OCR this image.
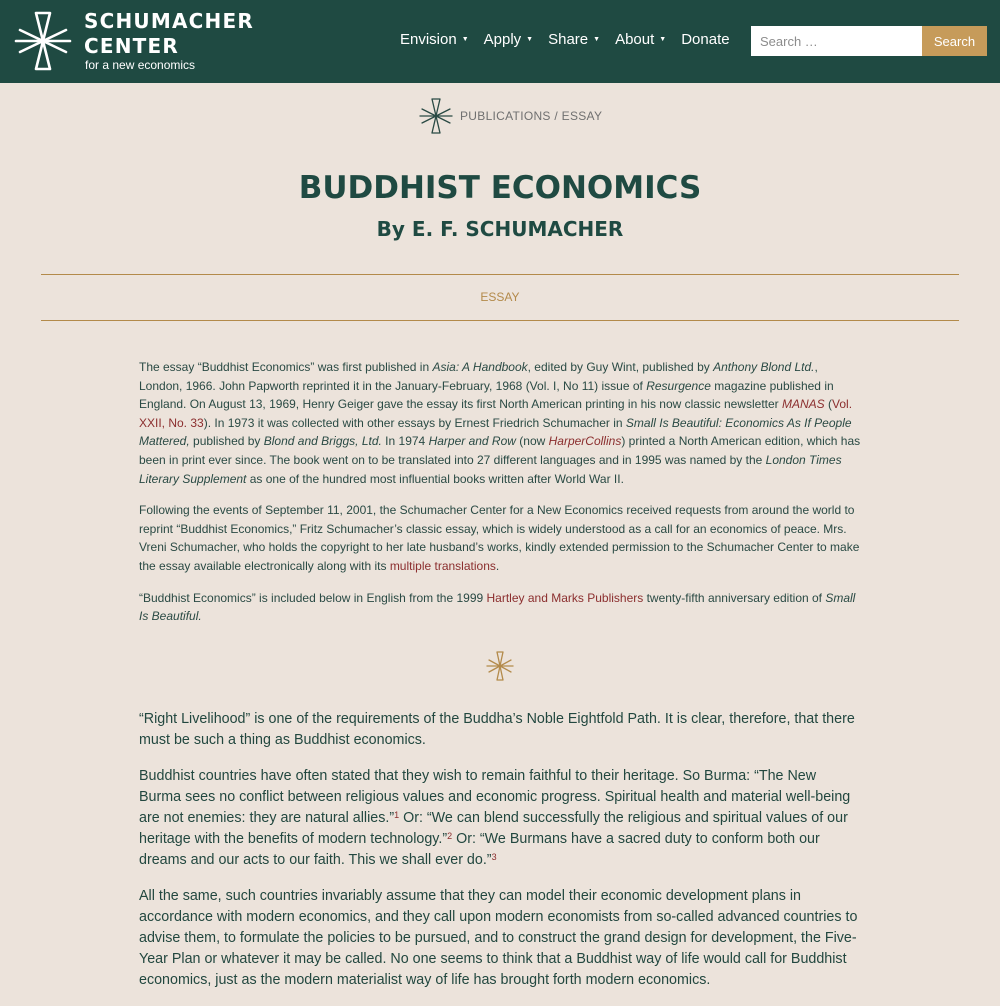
SCHUMACHER
CENTER
for a new economics
Envision ▼ Apply ▼ Share ▼ About ▼ Donate
Search …	Search
PUBLICATIONS / ESSAY
BUDDHIST ECONOMICS
By E. F. SCHUMACHER
ESSAY

The essay “Buddhist Economics” was first published in Asia: A Handbook, edited by Guy Wint, published by Anthony Blond Ltd., London, 1966. John Papworth reprinted it in the January-February, 1968 (Vol. I, No 11) issue of Resurgence magazine published in England. On August 13, 1969, Henry Geiger gave the essay its first North American printing in his now classic newsletter MANAS (Vol. XXII, No. 33). In 1973 it was collected with other essays by Ernest Friedrich Schumacher in Small Is Beautiful: Economics As If People Mattered, published by Blond and Briggs, Ltd. In 1974 Harper and Row (now HarperCollins) printed a North American edition, which has been in print ever since. The book went on to be translated into 27 different languages and in 1995 was named by the London Times Literary Supplement as one of the hundred most influential books written after World War II.

Following the events of September 11, 2001, the Schumacher Center for a New Economics received requests from around the world to reprint “Buddhist Economics,” Fritz Schumacher’s classic essay, which is widely understood as a call for an economics of peace. Mrs. Vreni Schumacher, who holds the copyright to her late husband’s works, kindly extended permission to the Schumacher Center to make the essay available electronically along with its multiple translations.

“Buddhist Economics” is included below in English from the 1999 Hartley and Marks Publishers twenty-fifth anniversary edition of Small Is Beautiful.

“Right Livelihood” is one of the requirements of the Buddha’s Noble Eightfold Path. It is clear, therefore, that there must be such a thing as Buddhist economics.

Buddhist countries have often stated that they wish to remain faithful to their heritage. So Burma: “The New Burma sees no conflict between religious values and economic progress. Spiritual health and material well-being are not enemies: they are natural allies.”$^1$ Or: “We can blend successfully the religious and spiritual values of our heritage with the benefits of modern technology.”$^2$ Or: “We Burmans have a sacred duty to conform both our dreams and our acts to our faith. This we shall ever do.”$^3$

All the same, such countries invariably assume that they can model their economic development plans in accordance with modern economics, and they call upon modern economists from so-called advanced countries to advise them, to formulate the policies to be pursued, and to construct the grand design for development, the Five-Year Plan or whatever it may be called. No one seems to think that a Buddhist way of life would call for Buddhist economics, just as the modern materialist way of life has brought forth modern economics.
